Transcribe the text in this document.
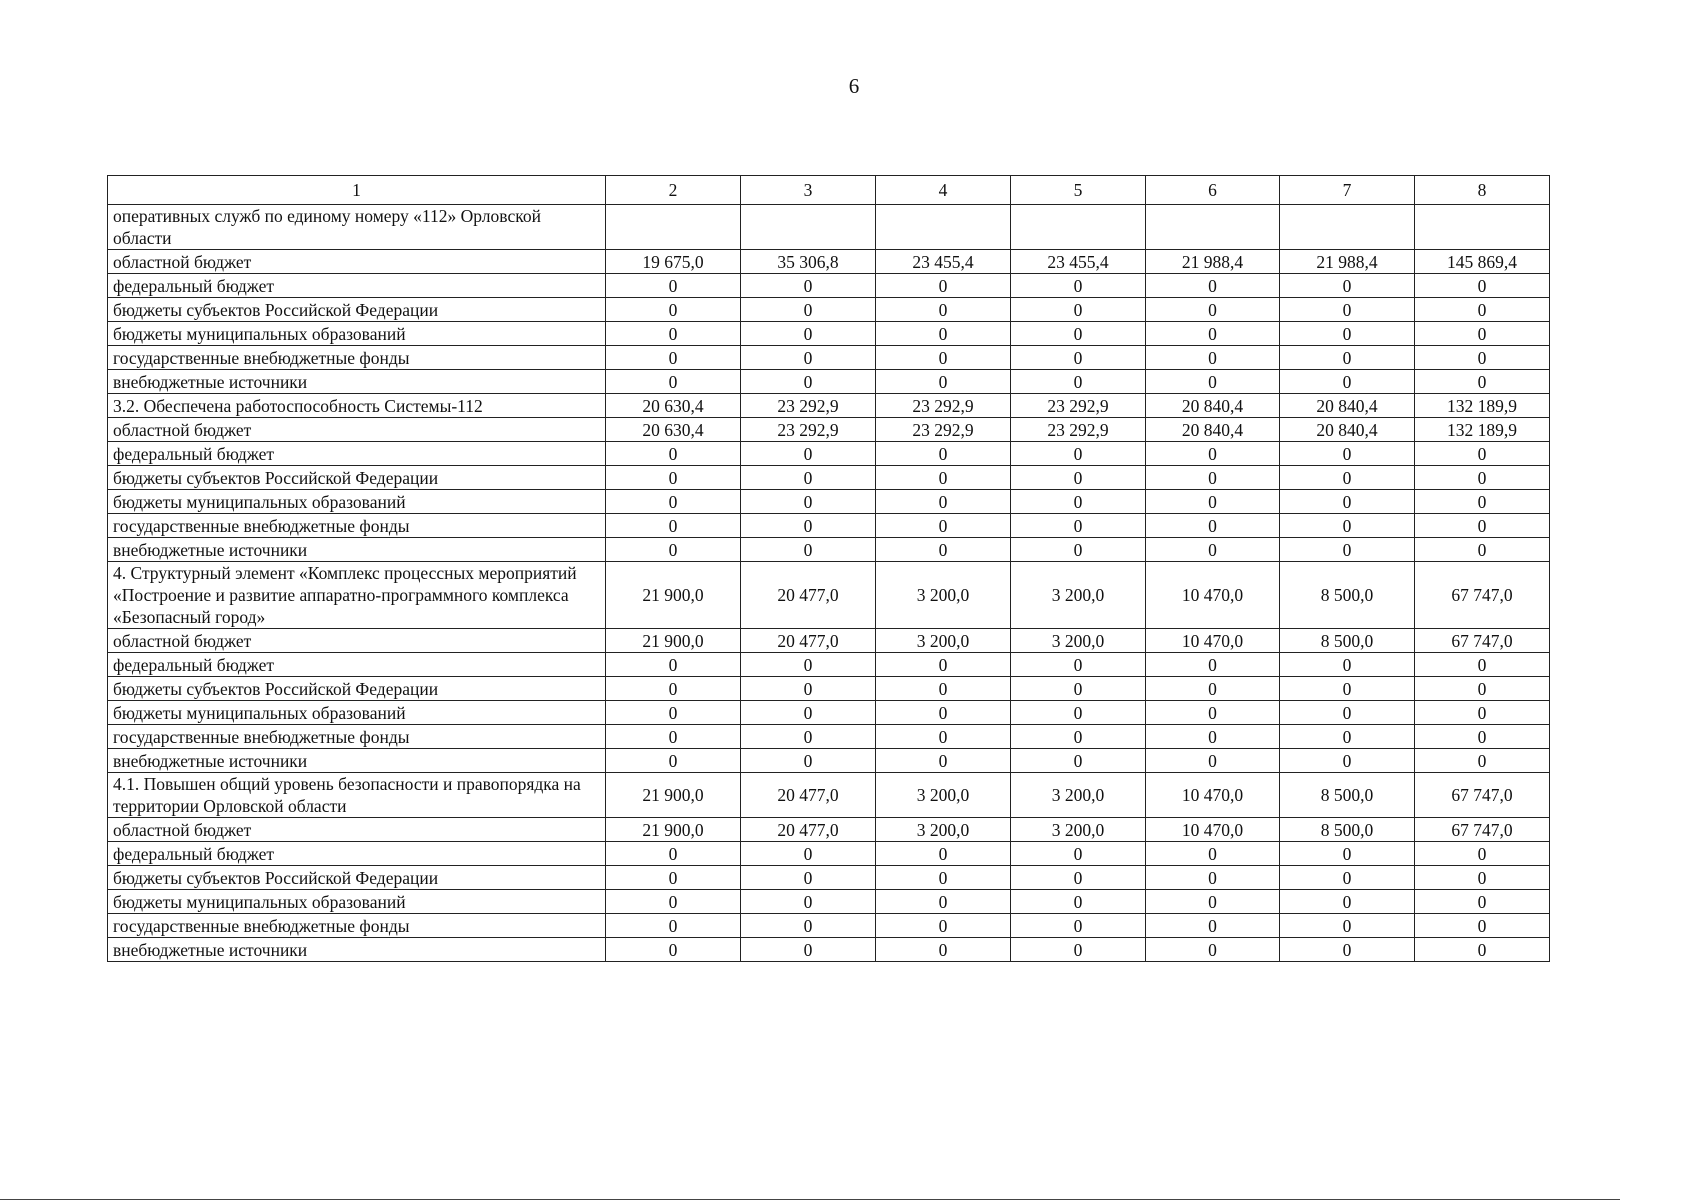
6
1	2	3	4	5	6	7	8
оперативных служб по единому номеру «112» Орловской области							
областной бюджет	19 675,0	35 306,8	23 455,4	23 455,4	21 988,4	21 988,4	145 869,4
федеральный бюджет	0	0	0	0	0	0	0
бюджеты субъектов Российской Федерации	0	0	0	0	0	0	0
бюджеты муниципальных образований	0	0	0	0	0	0	0
государственные внебюджетные фонды	0	0	0	0	0	0	0
внебюджетные источники	0	0	0	0	0	0	0
3.2. Обеспечена работоспособность Системы-112	20 630,4	23 292,9	23 292,9	23 292,9	20 840,4	20 840,4	132 189,9
областной бюджет	20 630,4	23 292,9	23 292,9	23 292,9	20 840,4	20 840,4	132 189,9
федеральный бюджет	0	0	0	0	0	0	0
бюджеты субъектов Российской Федерации	0	0	0	0	0	0	0
бюджеты муниципальных образований	0	0	0	0	0	0	0
государственные внебюджетные фонды	0	0	0	0	0	0	0
внебюджетные источники	0	0	0	0	0	0	0
4. Структурный элемент «Комплекс процессных мероприятий «Построение и развитие аппаратно-программного комплекса «Безопасный город»	21 900,0	20 477,0	3 200,0	3 200,0	10 470,0	8 500,0	67 747,0
областной бюджет	21 900,0	20 477,0	3 200,0	3 200,0	10 470,0	8 500,0	67 747,0
федеральный бюджет	0	0	0	0	0	0	0
бюджеты субъектов Российской Федерации	0	0	0	0	0	0	0
бюджеты муниципальных образований	0	0	0	0	0	0	0
государственные внебюджетные фонды	0	0	0	0	0	0	0
внебюджетные источники	0	0	0	0	0	0	0
4.1. Повышен общий уровень безопасности и правопорядка на территории Орловской области	21 900,0	20 477,0	3 200,0	3 200,0	10 470,0	8 500,0	67 747,0
областной бюджет	21 900,0	20 477,0	3 200,0	3 200,0	10 470,0	8 500,0	67 747,0
федеральный бюджет	0	0	0	0	0	0	0
бюджеты субъектов Российской Федерации	0	0	0	0	0	0	0
бюджеты муниципальных образований	0	0	0	0	0	0	0
государственные внебюджетные фонды	0	0	0	0	0	0	0
внебюджетные источники	0	0	0	0	0	0	0
